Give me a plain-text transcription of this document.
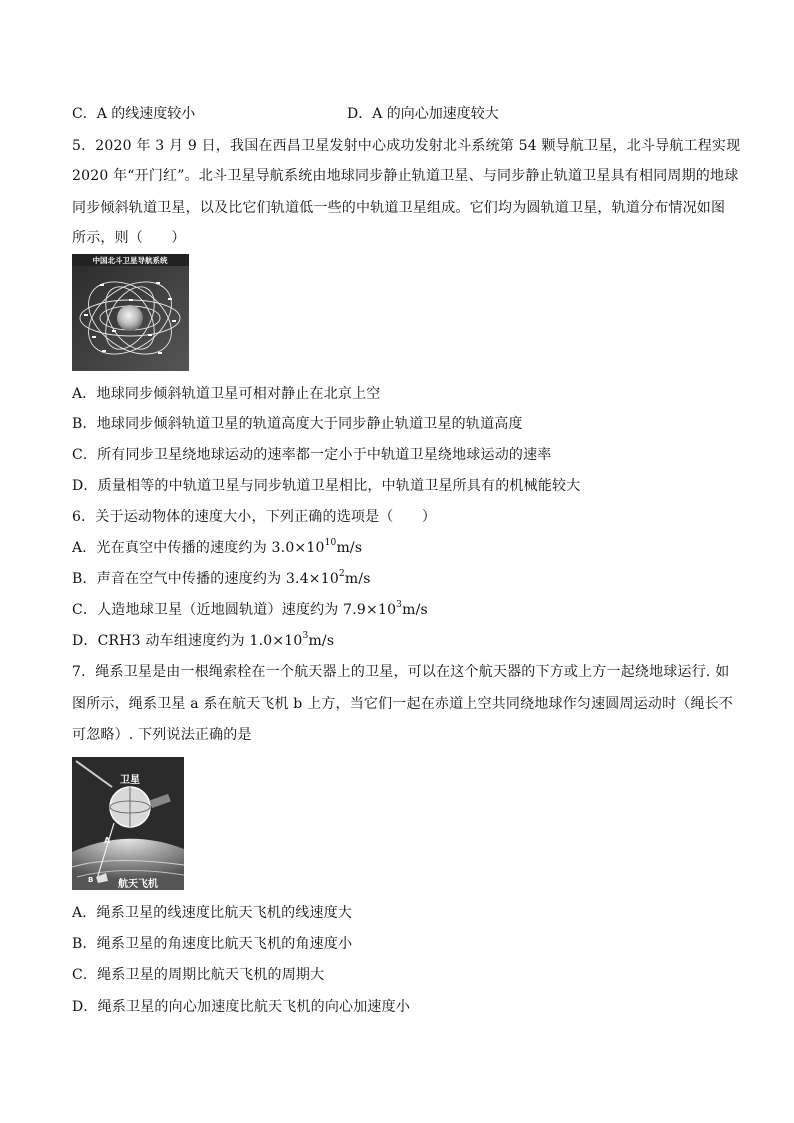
C．A 的线速度较小	D．A 的向心加速度较大
5．2020 年 3 月 9 日，我国在西昌卫星发射中心成功发射北斗系统第 54 颗导航卫星，北斗导航工程实现
2020 年“开门红”。北斗卫星导航系统由地球同步静止轨道卫星、与同步静止轨道卫星具有相同周期的地球
同步倾斜轨道卫星，以及比它们轨道低一些的中轨道卫星组成。它们均为圆轨道卫星，轨道分布情况如图
所示，则（　　）
中国北斗卫星导航系统
A．地球同步倾斜轨道卫星可相对静止在北京上空
B．地球同步倾斜轨道卫星的轨道高度大于同步静止轨道卫星的轨道高度
C．所有同步卫星绕地球运动的速率都一定小于中轨道卫星绕地球运动的速率
D．质量相等的中轨道卫星与同步轨道卫星相比，中轨道卫星所具有的机械能较大
6．关于运动物体的速度大小，下列正确的选项是（　　）
A．光在真空中传播的速度约为 $3.0\times 10^{10}m/s$
B．声音在空气中传播的速度约为 $3.4\times 10^2m/s$
C．人造地球卫星（近地圆轨道）速度约为 $7.9\times 10^3m/s$
D．CRH3 动车组速度约为 $1.0\times 10^3m/s$
7．绳系卫星是由一根绳索栓在一个航天器上的卫星，可以在这个航天器的下方或上方一起绕地球运行. 如
图所示，绳系卫星 a 系在航天飞机 b 上方，当它们一起在赤道上空共同绕地球作匀速圆周运动时（绳长不
可忽略）. 下列说法正确的是
卫星
A
B 航天飞机
A．绳系卫星的线速度比航天飞机的线速度大
B．绳系卫星的角速度比航天飞机的角速度小
C．绳系卫星的周期比航天飞机的周期大
D．绳系卫星的向心加速度比航天飞机的向心加速度小
